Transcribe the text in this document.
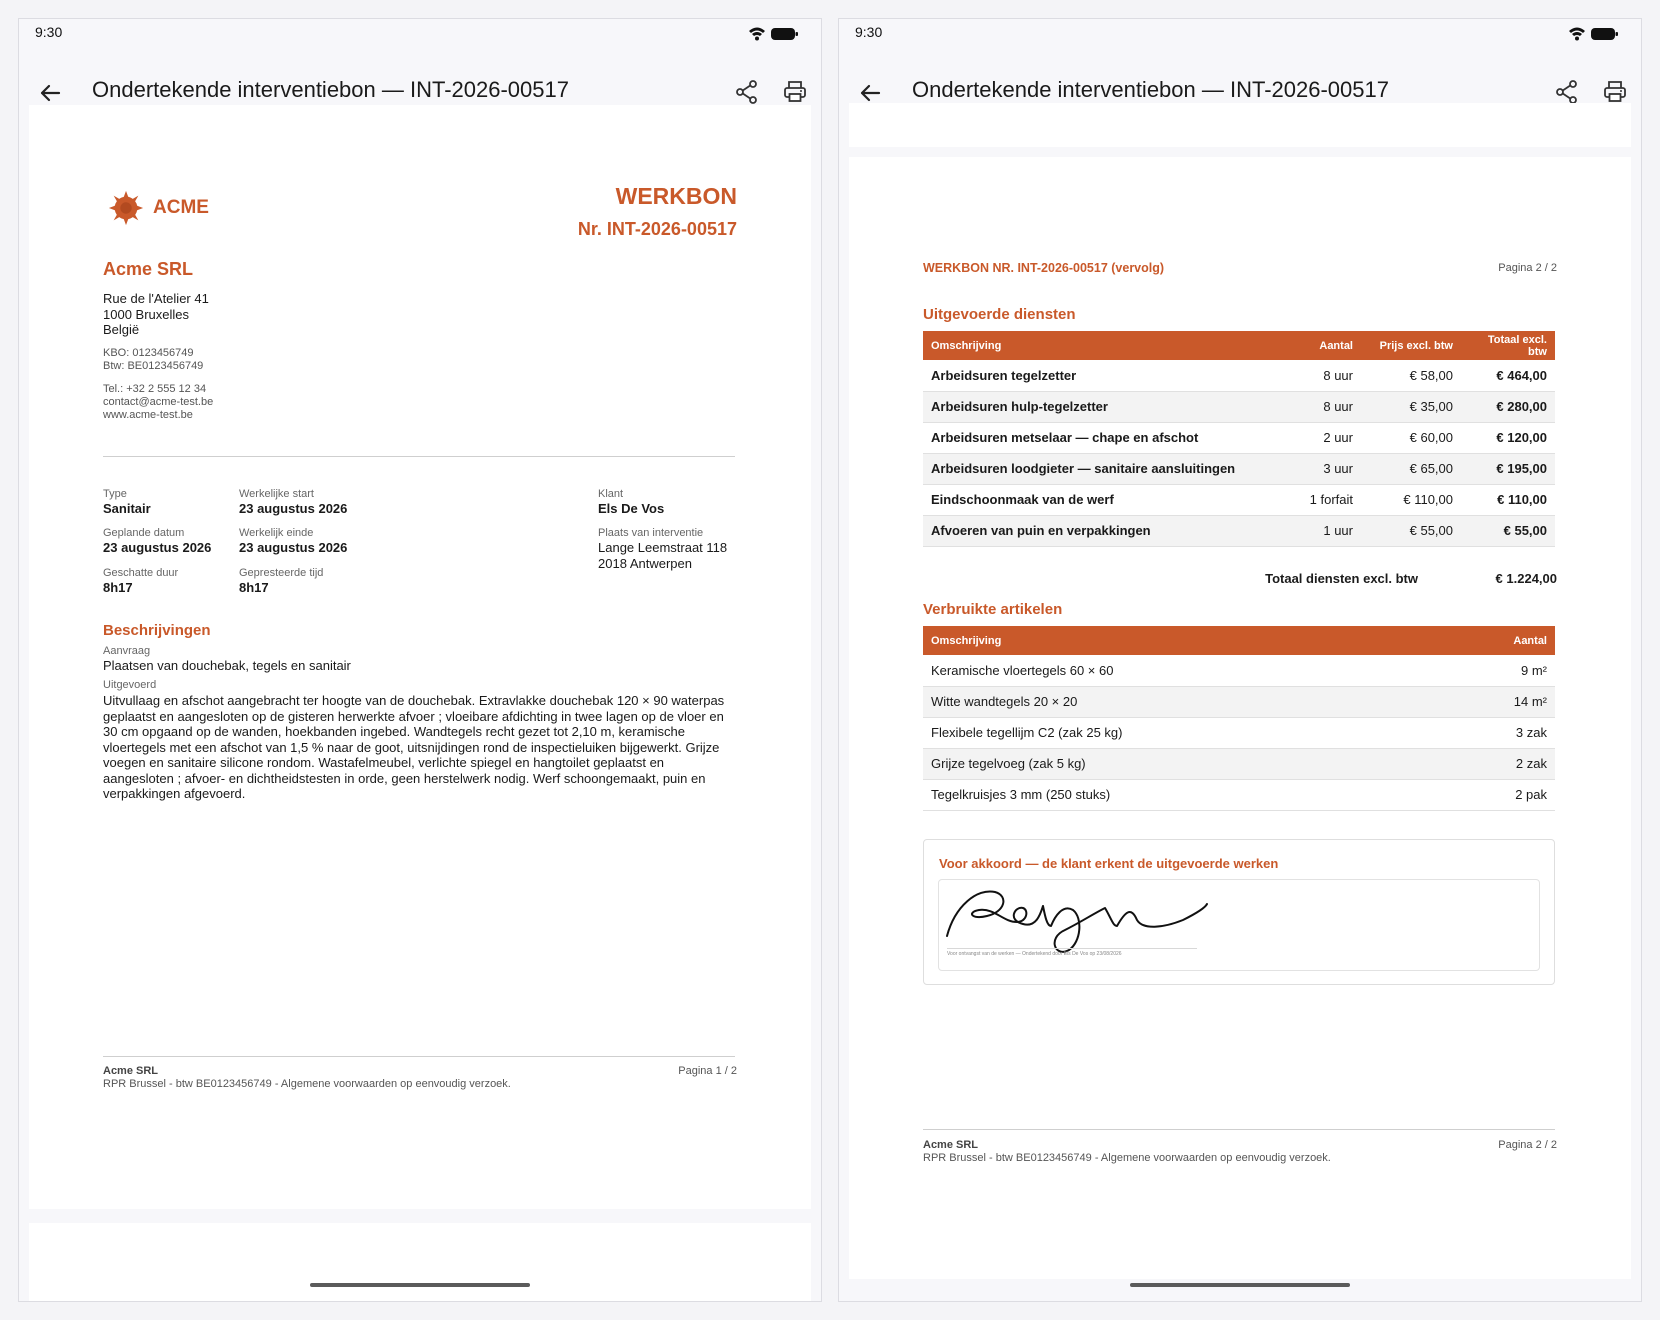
9:30
Ondertekende interventiebon — INT-2026-00517
ACME	WERKBON
Nr. INT-2026-00517
Acme SRL
Rue de l'Atelier 41
1000 Bruxelles
België
KBO: 0123456749
Btw: BE0123456749
Tel.: +32 2 555 12 34
contact@acme-test.be
www.acme-test.be
Type
Sanitair
Geplande datum
23 augustus 2026
Geschatte duur
8h17
Werkelijke start
23 augustus 2026
Werkelijk einde
23 augustus 2026
Gepresteerde tijd
8h17
Klant
Els De Vos
Plaats van interventie
Lange Leemstraat 118
2018 Antwerpen
Beschrijvingen
Aanvraag
Plaatsen van douchebak, tegels en sanitair
Uitgevoerd
Uitvullaag en afschot aangebracht ter hoogte van de douchebak. Extravlakke douchebak 120 × 90 waterpas geplaatst en aangesloten op de gisteren herwerkte afvoer ; vloeibare afdichting in twee lagen op de vloer en 30 cm opgaand op de wanden, hoekbanden ingebed. Wandtegels recht gezet tot 2,10 m, keramische vloertegels met een afschot van 1,5 % naar de goot, uitsnijdingen rond de inspectieluiken bijgewerkt. Grijze voegen en sanitaire silicone rondom. Wastafelmeubel, verlichte spiegel en hangtoilet geplaatst en aangesloten ; afvoer- en dichtheidstesten in orde, geen herstelwerk nodig. Werf schoongemaakt, puin en verpakkingen afgevoerd.
Acme SRL
RPR Brussel - btw BE0123456749 - Algemene voorwaarden op eenvoudig verzoek.
Pagina 1 / 2
9:30
Ondertekende interventiebon — INT-2026-00517
WERKBON NR. INT-2026-00517 (vervolg)	Pagina 2 / 2
Uitgevoerde diensten
Omschrijving	Aantal	Prijs excl. btw	Totaal excl. btw
Arbeidsuren tegelzetter	8 uur	€ 58,00	€ 464,00
Arbeidsuren hulp-tegelzetter	8 uur	€ 35,00	€ 280,00
Arbeidsuren metselaar — chape en afschot	2 uur	€ 60,00	€ 120,00
Arbeidsuren loodgieter — sanitaire aansluitingen	3 uur	€ 65,00	€ 195,00
Eindschoonmaak van de werf	1 forfait	€ 110,00	€ 110,00
Afvoeren van puin en verpakkingen	1 uur	€ 55,00	€ 55,00
Totaal diensten excl. btw	€ 1.224,00
Verbruikte artikelen
Omschrijving	Aantal
Keramische vloertegels 60 × 60	9 m²
Witte wandtegels 20 × 20	14 m²
Flexibele tegellijm C2 (zak 25 kg)	3 zak
Grijze tegelvoeg (zak 5 kg)	2 zak
Tegelkruisjes 3 mm (250 stuks)	2 pak
Voor akkoord — de klant erkent de uitgevoerde werken
Voor ontvangst van de werken — Ondertekend door Els De Vos op 23/08/2026
Acme SRL
RPR Brussel - btw BE0123456749 - Algemene voorwaarden op eenvoudig verzoek.
Pagina 2 / 2
